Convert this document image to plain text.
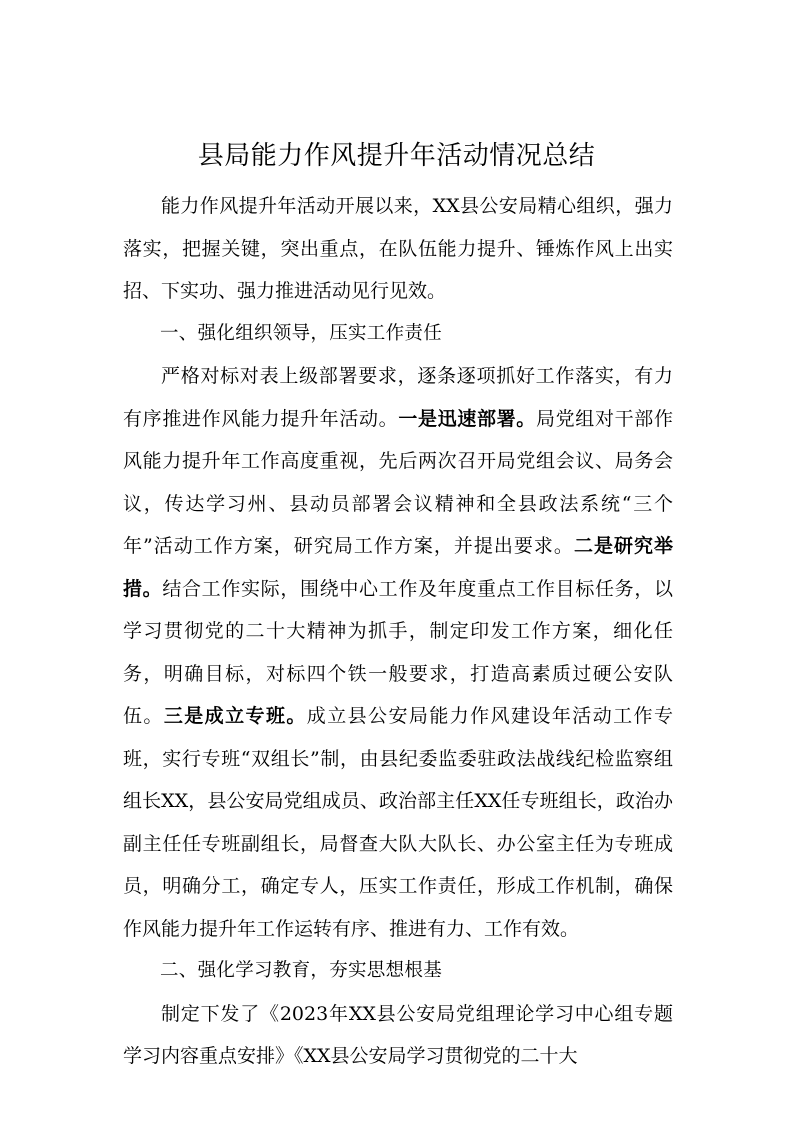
县局能力作风提升年活动情况总结

能力作风提升年活动开展以来，XX县公安局精心组织，强力落实，把握关键，突出重点，在队伍能力提升、锤炼作风上出实招、下实功、强力推进活动见行见效。

一、强化组织领导，压实工作责任

严格对标对表上级部署要求，逐条逐项抓好工作落实，有力有序推进作风能力提升年活动。一是迅速部署。局党组对干部作风能力提升年工作高度重视，先后两次召开局党组会议、局务会议，传达学习州、县动员部署会议精神和全县政法系统“三个年”活动工作方案，研究局工作方案，并提出要求。二是研究举措。结合工作实际，围绕中心工作及年度重点工作目标任务，以学习贯彻党的二十大精神为抓手，制定印发工作方案，细化任务，明确目标，对标四个铁一般要求，打造高素质过硬公安队伍。三是成立专班。成立县公安局能力作风建设年活动工作专班，实行专班“双组长”制，由县纪委监委驻政法战线纪检监察组组长XX，县公安局党组成员、政治部主任XX任专班组长，政治办副主任任专班副组长，局督查大队大队长、办公室主任为专班成员，明确分工，确定专人，压实工作责任，形成工作机制，确保作风能力提升年工作运转有序、推进有力、工作有效。

二、强化学习教育，夯实思想根基

制定下发了《2023年XX县公安局党组理论学习中心组专题学习内容重点安排》《XX县公安局学习贯彻党的二十大
